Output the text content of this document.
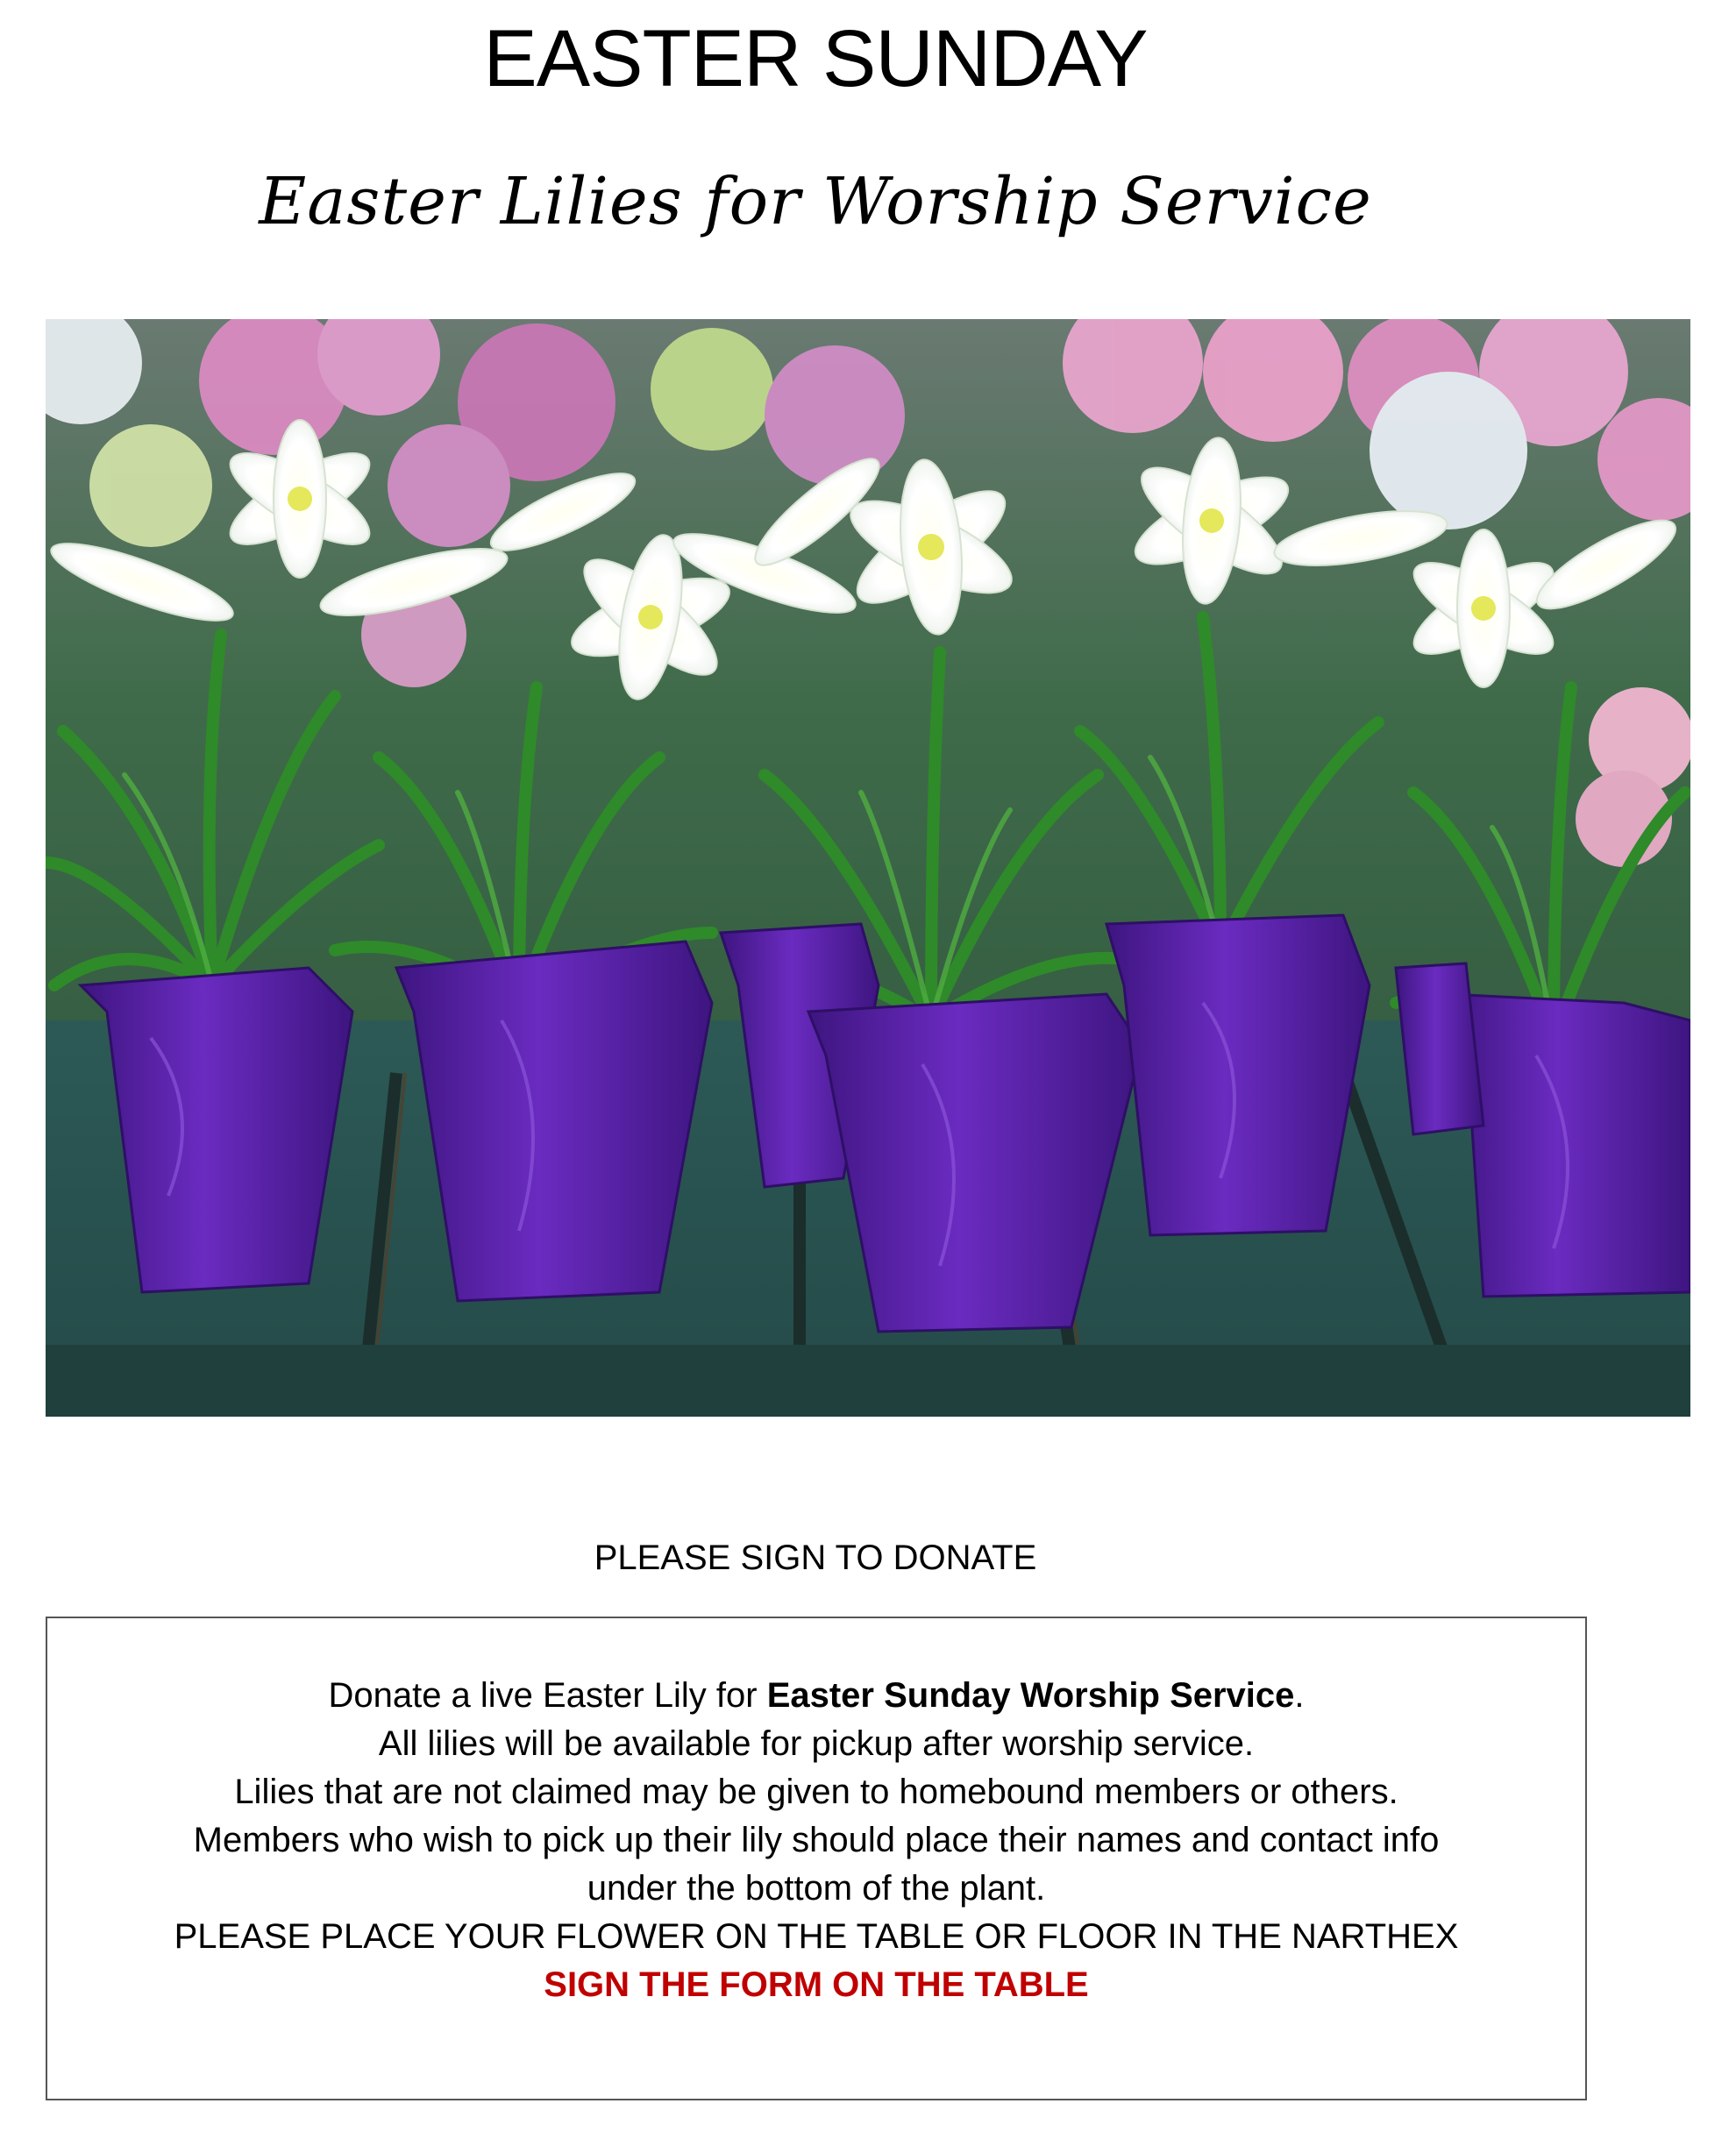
EASTER SUNDAY
Easter Lilies for Worship Service
PLEASE SIGN TO DONATE
Donate a live Easter Lily for Easter Sunday Worship Service.
All lilies will be available for pickup after worship service.
Lilies that are not claimed may be given to homebound members or others.
Members who wish to pick up their lily should place their names and contact info
under the bottom of the plant.
PLEASE PLACE YOUR FLOWER ON THE TABLE OR FLOOR IN THE NARTHEX
SIGN THE FORM ON THE TABLE
